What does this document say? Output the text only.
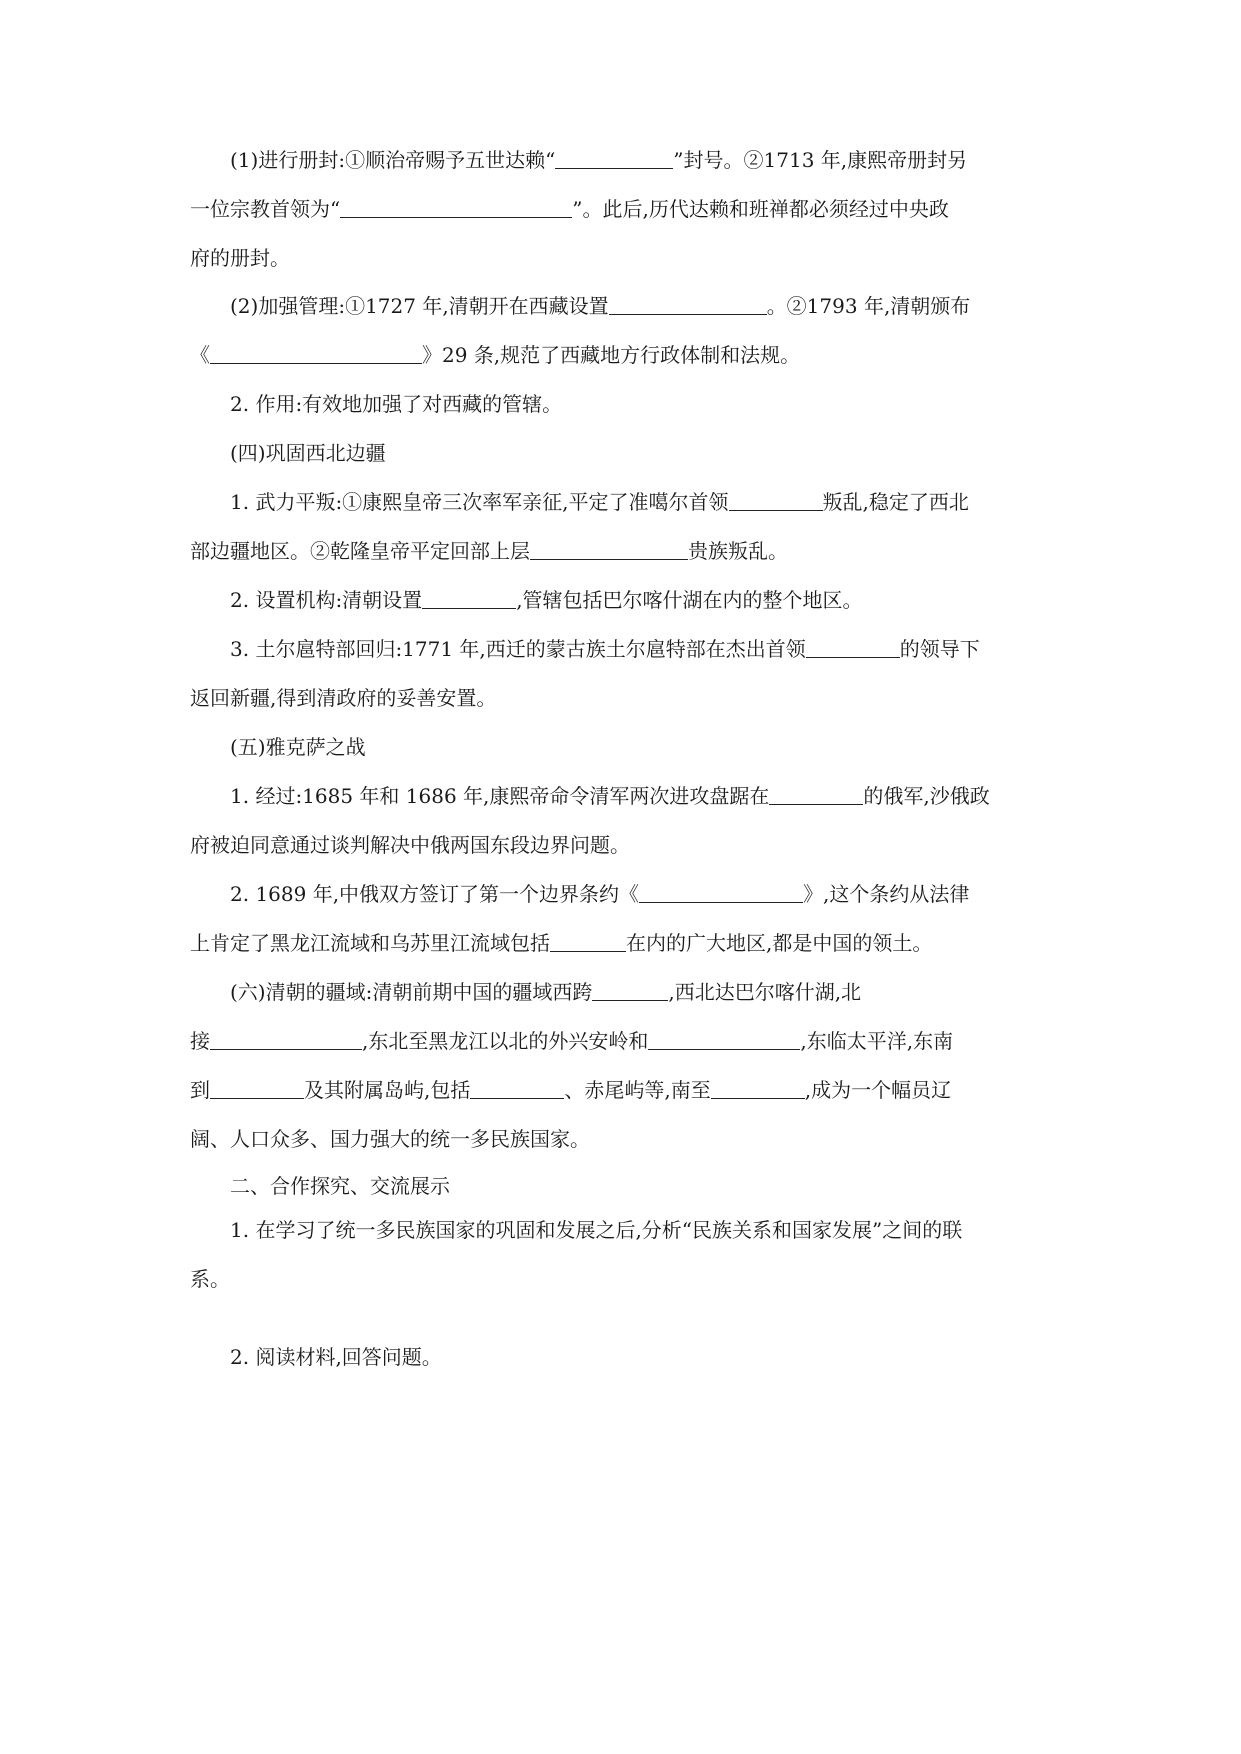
(1)进行册封:①顺治帝赐予五世达赖“	”封号。②1713 年,康熙帝册封另
一位宗教首领为“	”。此后,历代达赖和班禅都必须经过中央政
府的册封。
(2)加强管理:①1727 年,清朝开在西藏设置	。②1793 年,清朝颁布
《	》29 条,规范了西藏地方行政体制和法规。
2. 作用:有效地加强了对西藏的管辖。
(四)巩固西北边疆
1. 武力平叛:①康熙皇帝三次率军亲征,平定了准噶尔首领	叛乱,稳定了西北
部边疆地区。②乾隆皇帝平定回部上层	贵族叛乱。
2. 设置机构:清朝设置	,管辖包括巴尔喀什湖在内的整个地区。
3. 土尔扈特部回归:1771 年,西迁的蒙古族土尔扈特部在杰出首领	的领导下
返回新疆,得到清政府的妥善安置。
(五)雅克萨之战
1. 经过:1685 年和 1686 年,康熙帝命令清军两次进攻盘踞在	的俄军,沙俄政
府被迫同意通过谈判解决中俄两国东段边界问题。
2. 1689 年,中俄双方签订了第一个边界条约《	》,这个条约从法律
上肯定了黑龙江流域和乌苏里江流域包括	在内的广大地区,都是中国的领土。
(六)清朝的疆域:清朝前期中国的疆域西跨	,西北达巴尔喀什湖,北
接	,东北至黑龙江以北的外兴安岭和	,东临太平洋,东南
到	及其附属岛屿,包括	、赤尾屿等,南至	,成为一个幅员辽
阔、人口众多、国力强大的统一多民族国家。
二、合作探究、交流展示
1. 在学习了统一多民族国家的巩固和发展之后,分析“民族关系和国家发展”之间的联
系。
2. 阅读材料,回答问题。
